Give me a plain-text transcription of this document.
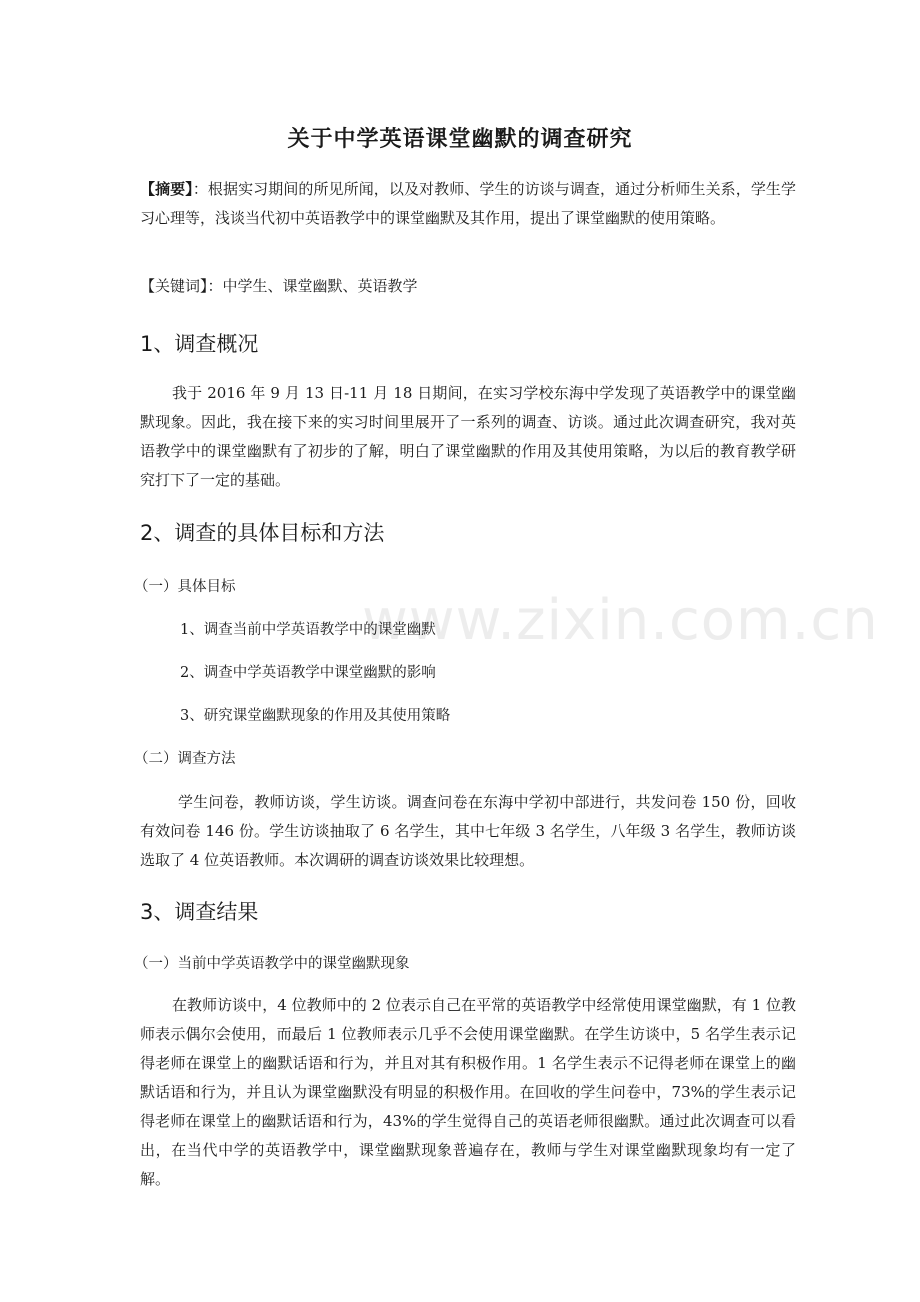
www.zixin.com.cn
关于中学英语课堂幽默的调查研究
【摘要】：根据实习期间的所见所闻，以及对教师、学生的访谈与调查，通过分析师生关系，学生学习心理等，浅谈当代初中英语教学中的课堂幽默及其作用，提出了课堂幽默的使用策略。
【关键词】：中学生、课堂幽默、英语教学
1、调查概况
我于 2016 年 9 月 13 日-11 月 18 日期间，在实习学校东海中学发现了英语教学中的课堂幽默现象。因此，我在接下来的实习时间里展开了一系列的调查、访谈。通过此次调查研究，我对英语教学中的课堂幽默有了初步的了解，明白了课堂幽默的作用及其使用策略，为以后的教育教学研究打下了一定的基础。
2、调查的具体目标和方法
（一）具体目标
1、调查当前中学英语教学中的课堂幽默
2、调查中学英语教学中课堂幽默的影响
3、研究课堂幽默现象的作用及其使用策略
（二）调查方法
学生问卷，教师访谈，学生访谈。调查问卷在东海中学初中部进行，共发问卷 150 份，回收有效问卷 146 份。学生访谈抽取了 6 名学生，其中七年级 3 名学生，八年级 3 名学生，教师访谈选取了 4 位英语教师。本次调研的调查访谈效果比较理想。
3、调查结果
（一）当前中学英语教学中的课堂幽默现象
在教师访谈中，4 位教师中的 2 位表示自己在平常的英语教学中经常使用课堂幽默，有 1 位教师表示偶尔会使用，而最后 1 位教师表示几乎不会使用课堂幽默。在学生访谈中，5 名学生表示记得老师在课堂上的幽默话语和行为，并且对其有积极作用。1 名学生表示不记得老师在课堂上的幽默话语和行为，并且认为课堂幽默没有明显的积极作用。在回收的学生问卷中，73%的学生表示记得老师在课堂上的幽默话语和行为，43%的学生觉得自己的英语老师很幽默。通过此次调查可以看出，在当代中学的英语教学中，课堂幽默现象普遍存在，教师与学生对课堂幽默现象均有一定了解。
